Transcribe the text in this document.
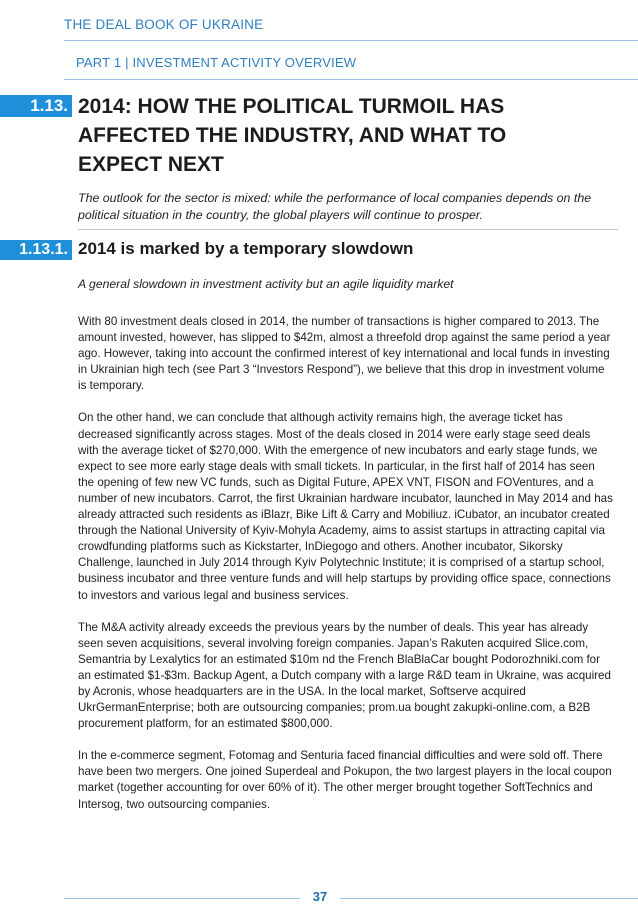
THE DEAL BOOK OF UKRAINE
PART 1 | INVESTMENT ACTIVITY OVERVIEW
1.13. 2014: HOW THE POLITICAL TURMOIL HAS AFFECTED THE INDUSTRY, AND WHAT TO EXPECT NEXT

The outlook for the sector is mixed: while the performance of local companies depends on the political situation in the country, the global players will continue to prosper.

1.13.1. 2014 is marked by a temporary slowdown

A general slowdown in investment activity but an agile liquidity market

With 80 investment deals closed in 2014, the number of transactions is higher compared to 2013. The amount invested, however, has slipped to $42m, almost a threefold drop against the same period a year ago. However, taking into account the confirmed interest of key international and local funds in investing in Ukrainian high tech (see Part 3 “Investors Respond”), we believe that this drop in investment volume is temporary.

On the other hand, we can conclude that although activity remains high, the average ticket has decreased significantly across stages. Most of the deals closed in 2014 were early stage seed deals with the average ticket of $270,000. With the emergence of new incubators and early stage funds, we expect to see more early stage deals with small tickets. In particular, in the first half of 2014 has seen the opening of few new VC funds, such as Digital Future, APEX VNT, FISON and FOVentures, and a number of new incubators. Carrot, the first Ukrainian hardware incubator, launched in May 2014 and has already attracted such residents as iBlazr, Bike Lift & Carry and Mobiliuz. iCubator, an incubator created through the National University of Kyiv-Mohyla Academy, aims to assist startups in attracting capital via crowdfunding platforms such as Kickstarter, InDiegogo and others. Another incubator, Sikorsky Challenge, launched in July 2014 through Kyiv Polytechnic Institute; it is comprised of a startup school, business incubator and three venture funds and will help startups by providing office space, connections to investors and various legal and business services.

The M&A activity already exceeds the previous years by the number of deals. This year has already seen seven acquisitions, several involving foreign companies. Japan’s Rakuten acquired Slice.com, Semantria by Lexalytics for an estimated $10m nd the French BlaBlaCar bought Podorozhniki.com for an estimated $1-$3m. Backup Agent, a Dutch company with a large R&D team in Ukraine, was acquired by Acronis, whose headquarters are in the USA. In the local market, Softserve acquired UkrGermanEnterprise; both are outsourcing companies; prom.ua bought zakupki-online.com, a B2B procurement platform, for an estimated $800,000.

In the e-commerce segment, Fotomag and Senturia faced financial difficulties and were sold off. There have been two mergers. One joined Superdeal and Pokupon, the two largest players in the local coupon market (together accounting for over 60% of it). The other merger brought together SoftTechnics and Intersog, two outsourcing companies.

37
